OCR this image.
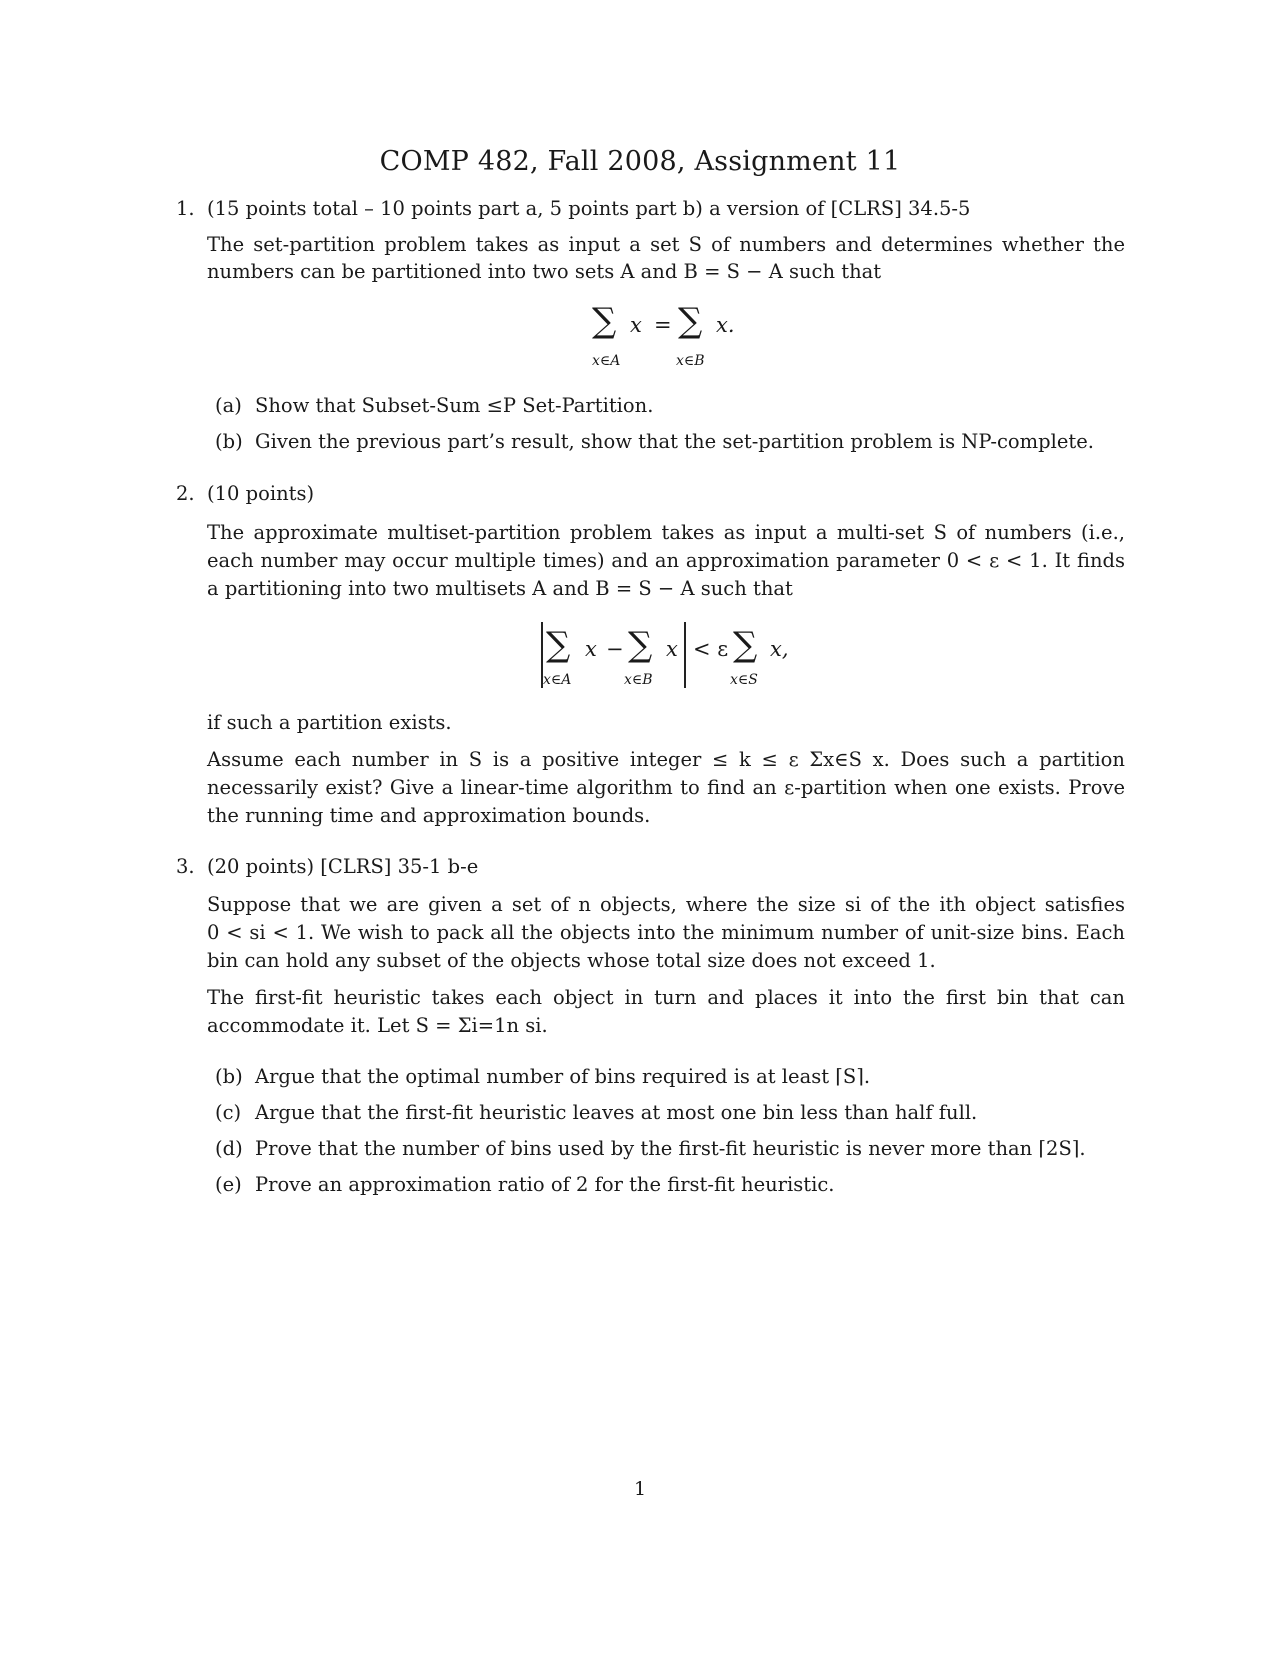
COMP 482, Fall 2008, Assignment 11
1. (15 points total – 10 points part a, 5 points part b) a version of [CLRS] 34.5-5
The set-partition problem takes as input a set S of numbers and determines whether the
numbers can be partitioned into two sets A and B = S − A such that
∑ x = ∑ x.
x∈A	x∈B
(a) Show that Subset-Sum ≤P Set-Partition.
(b) Given the previous part’s result, show that the set-partition problem is NP-complete.
2. (10 points)
The approximate multiset-partition problem takes as input a multi-set S of numbers (i.e.,
each number may occur multiple times) and an approximation parameter 0 < ε < 1. It finds
a partitioning into two multisets A and B = S − A such that
∑ x − ∑ x < ε ∑ x,
x∈A	x∈B	x∈S
if such a partition exists.
Assume each number in S is a positive integer ≤ k ≤ ε Σx∈S x. Does such a partition
necessarily exist? Give a linear-time algorithm to find an ε-partition when one exists. Prove
the running time and approximation bounds.
3. (20 points) [CLRS] 35-1 b-e
Suppose that we are given a set of n objects, where the size si of the ith object satisfies
0 < si < 1. We wish to pack all the objects into the minimum number of unit-size bins. Each
bin can hold any subset of the objects whose total size does not exceed 1.
The first-fit heuristic takes each object in turn and places it into the first bin that can
accommodate it. Let S = Σi=1n si.
(b) Argue that the optimal number of bins required is at least ⌈S⌉.
(c) Argue that the first-fit heuristic leaves at most one bin less than half full.
(d) Prove that the number of bins used by the first-fit heuristic is never more than ⌈2S⌉.
(e) Prove an approximation ratio of 2 for the first-fit heuristic.
1
